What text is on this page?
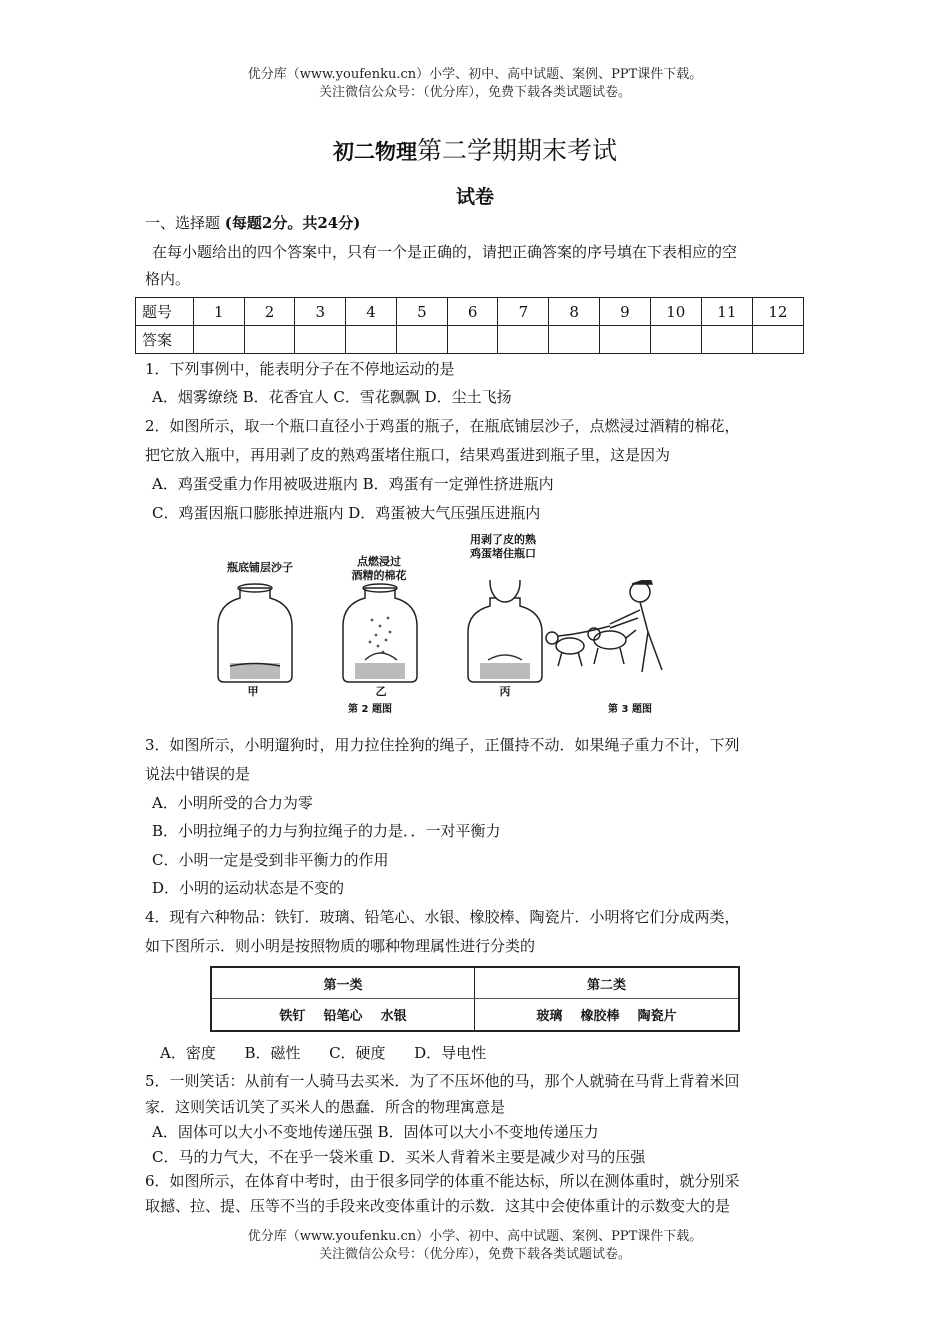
优分库（www.youfenku.cn）小学、初中、高中试题、案例、PPT课件下载。
关注微信公众号：（优分库），免费下载各类试题试卷。
初二物理第二学期期末考试
试卷
一、选择题 (每题2分。共24分)
在每小题给出的四个答案中，只有一个是正确的，请把正确答案的序号填在下表相应的空
格内。
题号	1	2	3	4	5	6	7	8	9	10	11	12
答案												
1．下列事例中，能表明分子在不停地运动的是
A．烟雾缭绕 B．花香宜人 C．雪花飘飘 D．尘土飞扬
2．如图所示，取一个瓶口直径小于鸡蛋的瓶子，在瓶底铺层沙子，点燃浸过酒精的棉花，
把它放入瓶中，再用剥了皮的熟鸡蛋堵住瓶口，结果鸡蛋进到瓶子里，这是因为
A．鸡蛋受重力作用被吸进瓶内 B．鸡蛋有一定弹性挤进瓶内
C．鸡蛋因瓶口膨胀掉进瓶内 D．鸡蛋被大气压强压进瓶内
瓶底铺层沙子	点燃浸过
酒精的棉花
用剥了皮的熟
鸡蛋堵住瓶口
甲	乙	丙
第 2 题图	第 3 题图
3．如图所示，小明遛狗时，用力拉住拴狗的绳子，正僵持不动．如果绳子重力不计，下列
说法中错误的是
A．小明所受的合力为零
B．小明拉绳子的力与狗拉绳子的力是．．一对平衡力
C．小明一定是受到非平衡力的作用
D．小明的运动状态是不变的
4．现有六种物品：铁钉．玻璃、铅笔心、水银、橡胶棒、陶瓷片．小明将它们分成两类，
如下图所示．则小明是按照物质的哪种物理属性进行分类的
第一类	第二类
铁钉    铅笔心    水银	玻璃    橡胶棒    陶瓷片
A．密度      B．磁性      C．硬度      D．导电性
5．一则笑话：从前有一人骑马去买米．为了不压坏他的马，那个人就骑在马背上背着米回
家．这则笑话讥笑了买米人的愚蠢．所含的物理寓意是
A．固体可以大小不变地传递压强 B．固体可以大小不变地传递压力
C．马的力气大，不在乎一袋米重 D．买米人背着米主要是减少对马的压强
6．如图所示，在体育中考时，由于很多同学的体重不能达标，所以在测体重时，就分别采
取撼、拉、提、压等不当的手段来改变体重计的示数．这其中会使体重计的示数变大的是
优分库（www.youfenku.cn）小学、初中、高中试题、案例、PPT课件下载。
关注微信公众号：（优分库），免费下载各类试题试卷。
